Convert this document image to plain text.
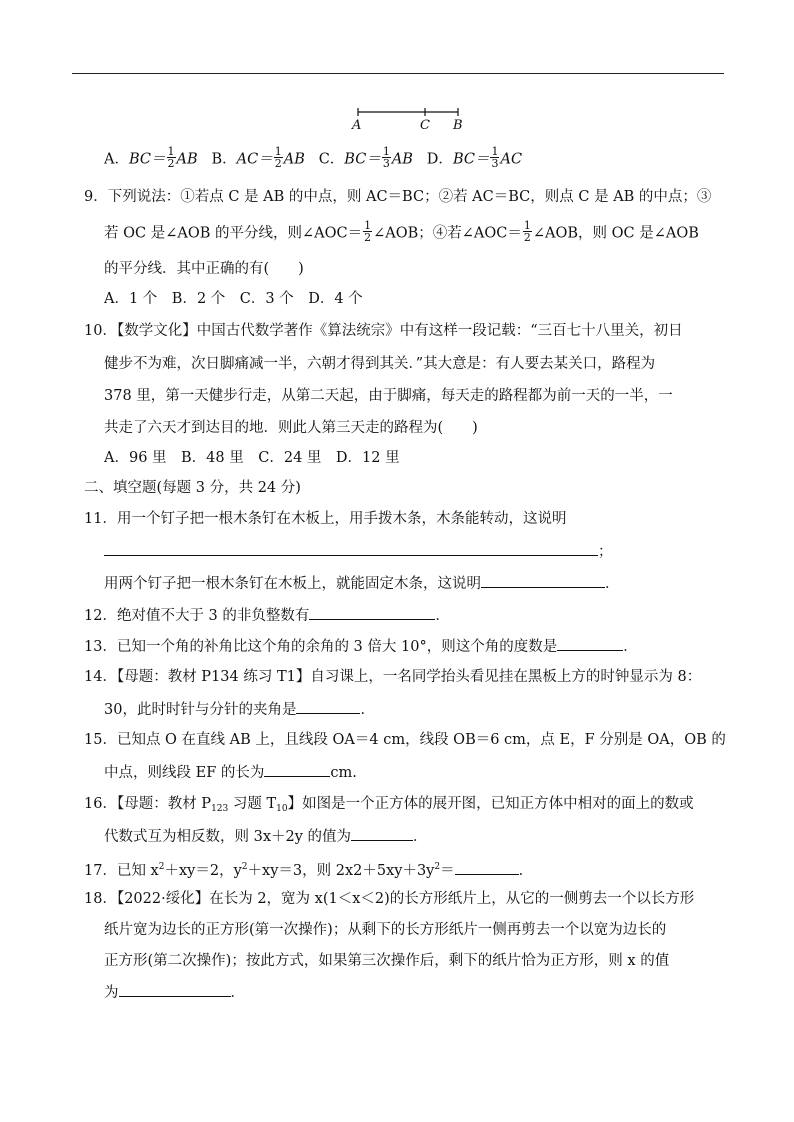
A	C B
A．$BC= \frac{1}{2}$ AB B．$AC= \frac{1}{2}$ AB C．$BC= \frac{1}{3}$ AB D．$BC= \frac{1}{3}$ AC
9．下列说法：①若点 C 是 AB 的中点，则 AC＝BC；②若 AC＝BC，则点 C 是 AB 的中点；③
若 OC 是∠AOB 的平分线，则∠AOC＝ $\frac{1}{2}$ ∠AOB；④若∠AOC＝ $\frac{1}{2}$ ∠AOB，则 OC 是∠AOB
的平分线．其中正确的有(　　)
A．1 个　B．2 个　C．3 个　D．4 个
10．【数学文化】中国古代数学著作《算法统宗》中有这样一段记载：“三百七十八里关，初日
健步不为难，次日脚痛减一半，六朝才得到其关．”其大意是：有人要去某关口，路程为
378 里，第一天健步行走，从第二天起，由于脚痛，每天走的路程都为前一天的一半，一
共走了六天才到达目的地．则此人第三天走的路程为(　　)
A．96 里　B．48 里　C．24 里　D．12 里
二、填空题(每题 3 分，共 24 分)
11．用一个钉子把一根木条钉在木板上，用手拨木条，木条能转动，这说明
；
用两个钉子把一根木条钉在木板上，就能固定木条，这说明	．
12．绝对值不大于 3 的非负整数有	．
13．已知一个角的补角比这个角的余角的 3 倍大 10°，则这个角的度数是	．
14．【母题：教材 P134 练习 T1】自习课上，一名同学抬头看见挂在黑板上方的时钟显示为 8：
30，此时时针与分针的夹角是	．
15．已知点 O 在直线 AB 上，且线段 OA＝4 cm，线段 OB＝6 cm，点 E，F 分别是 OA，OB 的
中点，则线段 EF 的长为	cm.
16．【母题：教材 $P_{123}$ 习题 $T_{10}$】如图是一个正方体的展开图，已知正方体中相对的面上的数或
代数式互为相反数，则 3x＋2y 的值为	．
17．已知 $x^2+xy=2$，$y^2+xy=3$，则 $2x2+5xy+3y^2=$	．
18．【2022·绥化】在长为 2，宽为 x(1＜x＜2)的长方形纸片上，从它的一侧剪去一个以长方形
纸片宽为边长的正方形(第一次操作)；从剩下的长方形纸片一侧再剪去一个以宽为边长的
正方形(第二次操作)；按此方式，如果第三次操作后，剩下的纸片恰为正方形，则 x 的值
为	．
